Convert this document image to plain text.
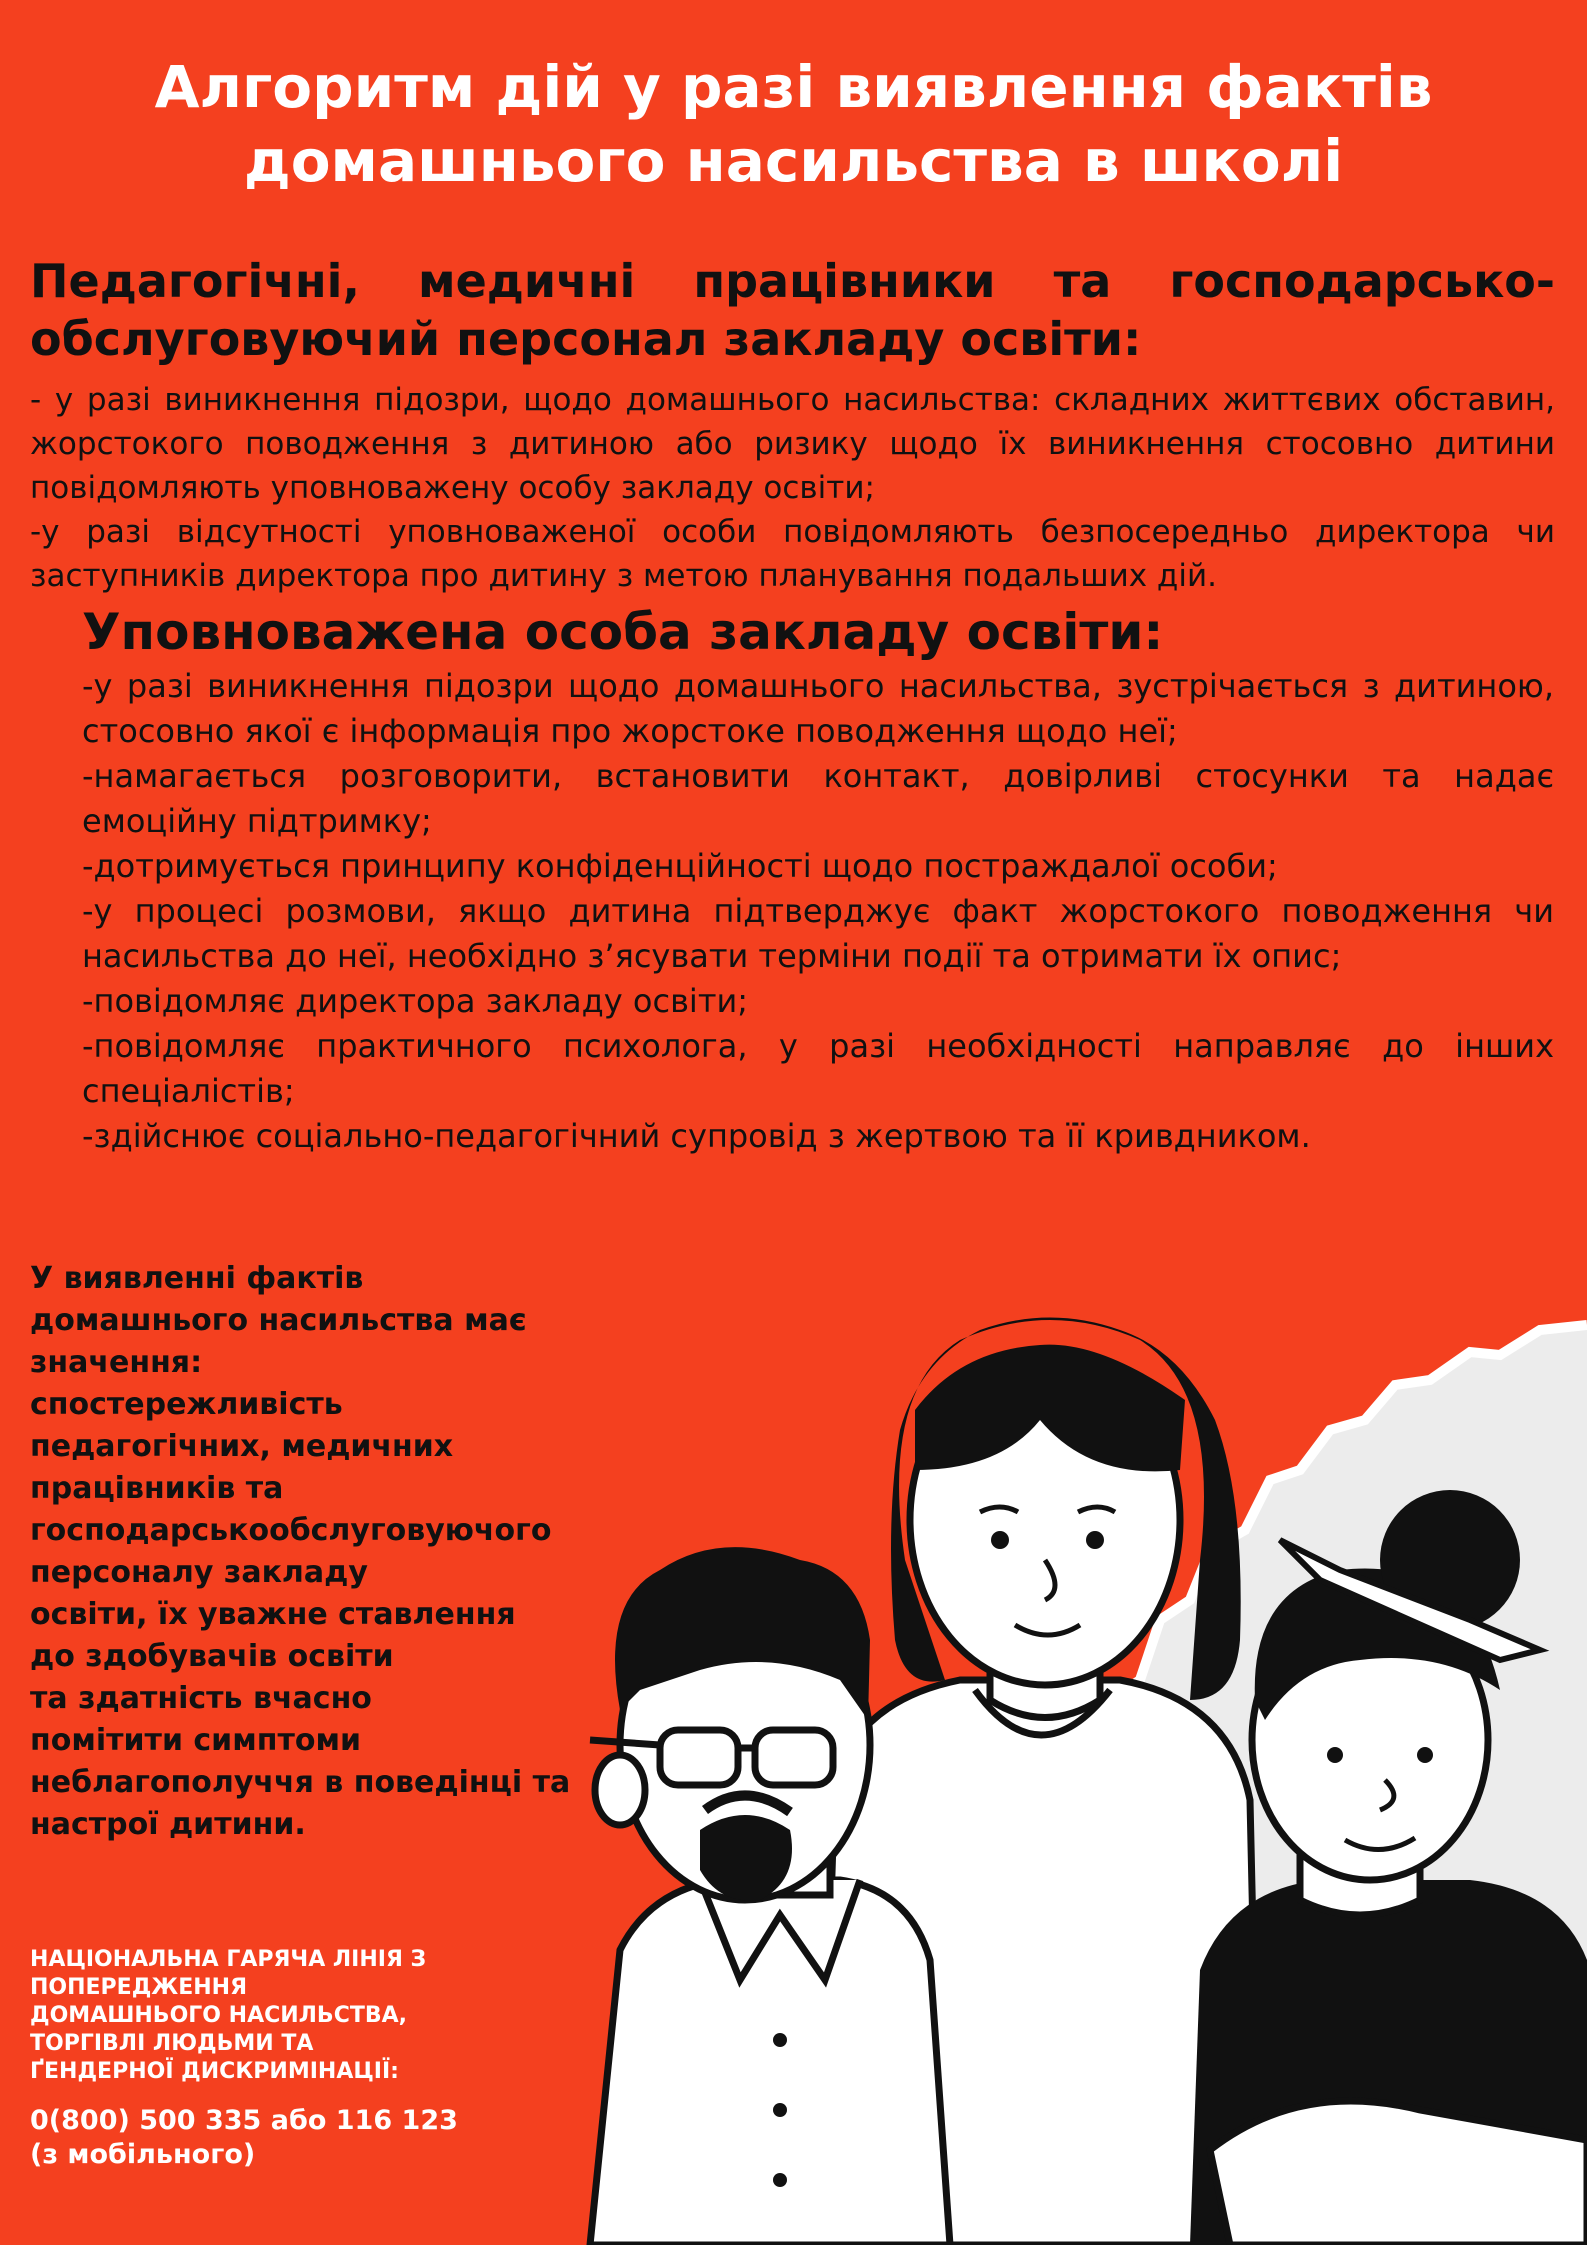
Алгоритм дій у разі виявлення фактів
домашнього насильства в школі
Педагогічні, медичні працівники та господарсько-обслуговуючий персонал закладу освіти:

- у разі виникнення підозри, щодо домашнього насильства: складних життєвих обставин, жорстокого поводження з дитиною або ризику щодо їх виникнення стосовно дитини повідомляють уповноважену особу закладу освіти;

-у разі відсутності уповноваженої особи повідомляють безпосередньо директора чи заступників директора про дитину з метою планування подальших дій.

Уповноважена особа закладу освіти:

-у разі виникнення підозри щодо домашнього насильства, зустрічається з дитиною, стосовно якої є інформація про жорстоке поводження щодо неї;

-намагається розговорити, встановити контакт, довірливі стосунки та надає емоційну підтримку;

-дотримується принципу конфіденційності щодо постраждалої особи;

-у процесі розмови, якщо дитина підтверджує факт жорстокого поводження чи насильства до неї, необхідно з’ясувати терміни події та отримати їх опис;

-повідомляє директора закладу освіти;

-повідомляє практичного психолога, у разі необхідності направляє до інших спеціалістів;

-здійснює соціально-педагогічний супровід з жертвою та її кривдником.

У виявленні фактів
домашнього насильства має
значення:
спостережливість
педагогічних, медичних
працівників та
господарськообслуговуючого
персоналу закладу
освіти, їх уважне ставлення
до здобувачів освіти
та здатність вчасно
помітити симптоми
неблагополуччя в поведінці та
настрої дитини.
НАЦІОНАЛЬНА ГАРЯЧА ЛІНІЯ З
ПОПЕРЕДЖЕННЯ
ДОМАШНЬОГО НАСИЛЬСТВА,
ТОРГІВЛІ ЛЮДЬМИ ТА
ҐЕНДЕРНОЇ ДИСКРИМІНАЦІЇ:
0(800) 500 335 або 116 123
(з мобільного)
